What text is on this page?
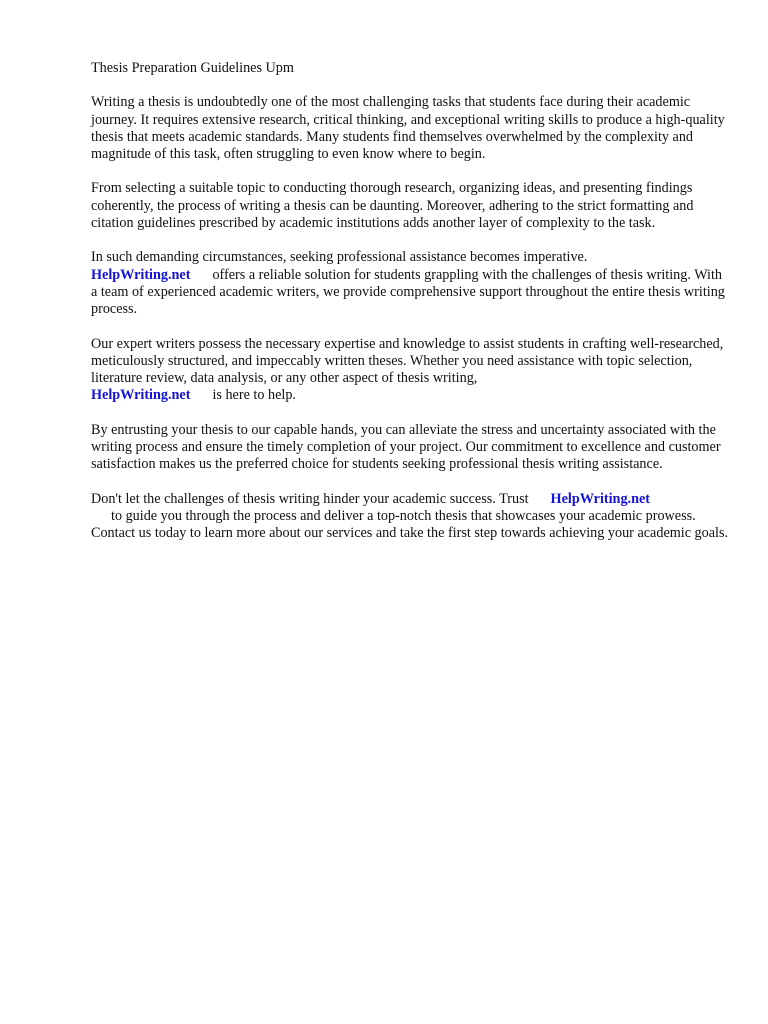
Thesis Preparation Guidelines Upm

Writing a thesis is undoubtedly one of the most challenging tasks that students face during their academic journey. It requires extensive research, critical thinking, and exceptional writing skills to produce a high-quality thesis that meets academic standards. Many students find themselves overwhelmed by the complexity and magnitude of this task, often struggling to even know where to begin.

From selecting a suitable topic to conducting thorough research, organizing ideas, and presenting findings coherently, the process of writing a thesis can be daunting. Moreover, adhering to the strict formatting and citation guidelines prescribed by academic institutions adds another layer of complexity to the task.

In such demanding circumstances, seeking professional assistance becomes imperative.
HelpWriting.net offers a reliable solution for students grappling with the challenges of thesis writing. With a team of experienced academic writers, we provide comprehensive support throughout the entire thesis writing process.

Our expert writers possess the necessary expertise and knowledge to assist students in crafting well-researched, meticulously structured, and impeccably written theses. Whether you need assistance with topic selection, literature review, data analysis, or any other aspect of thesis writing,
HelpWriting.net is here to help.

By entrusting your thesis to our capable hands, you can alleviate the stress and uncertainty associated with the writing process and ensure the timely completion of your project. Our commitment to excellence and customer satisfaction makes us the preferred choice for students seeking professional thesis writing assistance.

Don't let the challenges of thesis writing hinder your academic success. Trust HelpWriting.net
to guide you through the process and deliver a top-notch thesis that showcases your academic prowess. Contact us today to learn more about our services and take the first step towards achieving your academic goals.
